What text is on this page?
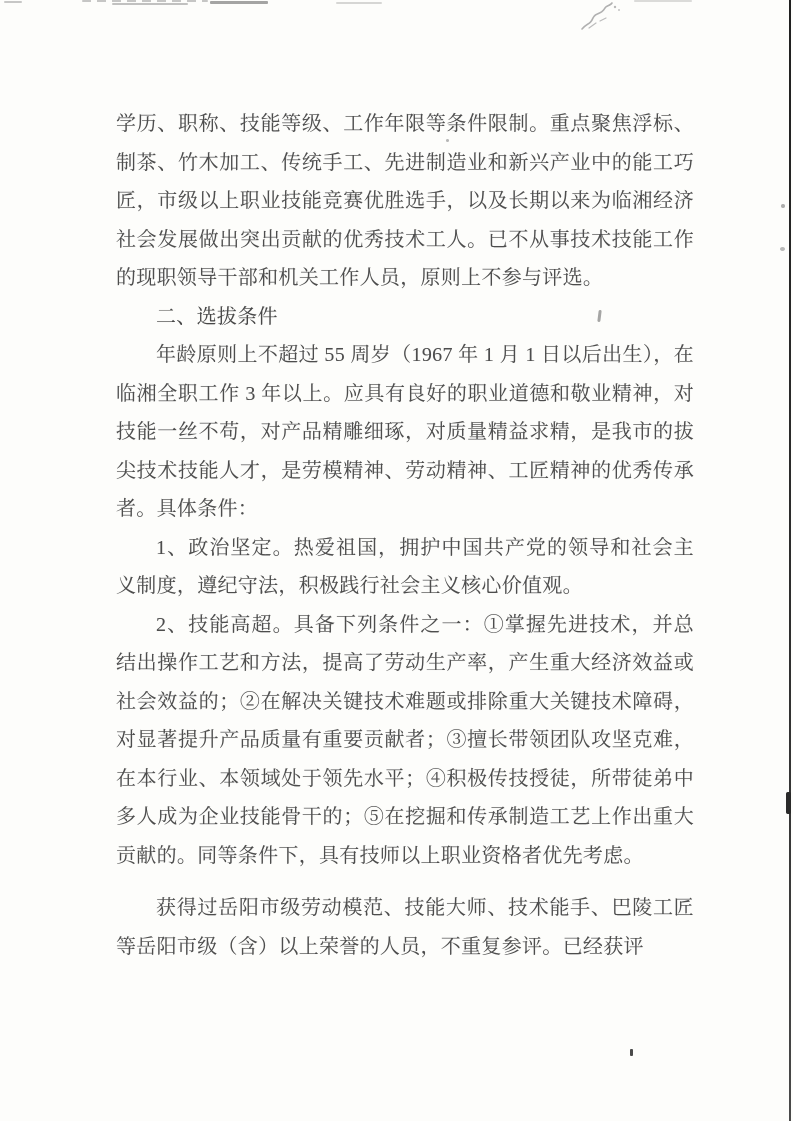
学历、职称、技能等级、工作年限等条件限制。重点聚焦浮标、制茶、竹木加工、传统手工、先进制造业和新兴产业中的能工巧匠，市级以上职业技能竞赛优胜选手，以及长期以来为临湘经济社会发展做出突出贡献的优秀技术工人。已不从事技术技能工作的现职领导干部和机关工作人员，原则上不参与评选。

二、选拔条件

年龄原则上不超过 55 周岁（1967 年 1 月 1 日以后出生），在临湘全职工作 3 年以上。应具有良好的职业道德和敬业精神，对技能一丝不苟，对产品精雕细琢，对质量精益求精，是我市的拔尖技术技能人才，是劳模精神、劳动精神、工匠精神的优秀传承者。具体条件：

1、政治坚定。热爱祖国，拥护中国共产党的领导和社会主义制度，遵纪守法，积极践行社会主义核心价值观。

2、技能高超。具备下列条件之一：①掌握先进技术，并总结出操作工艺和方法，提高了劳动生产率，产生重大经济效益或社会效益的；②在解决关键技术难题或排除重大关键技术障碍，对显著提升产品质量有重要贡献者；③擅长带领团队攻坚克难，在本行业、本领域处于领先水平；④积极传技授徒，所带徒弟中多人成为企业技能骨干的；⑤在挖掘和传承制造工艺上作出重大贡献的。同等条件下，具有技师以上职业资格者优先考虑。

获得过岳阳市级劳动模范、技能大师、技术能手、巴陵工匠等岳阳市级（含）以上荣誉的人员，不重复参评。已经获评
